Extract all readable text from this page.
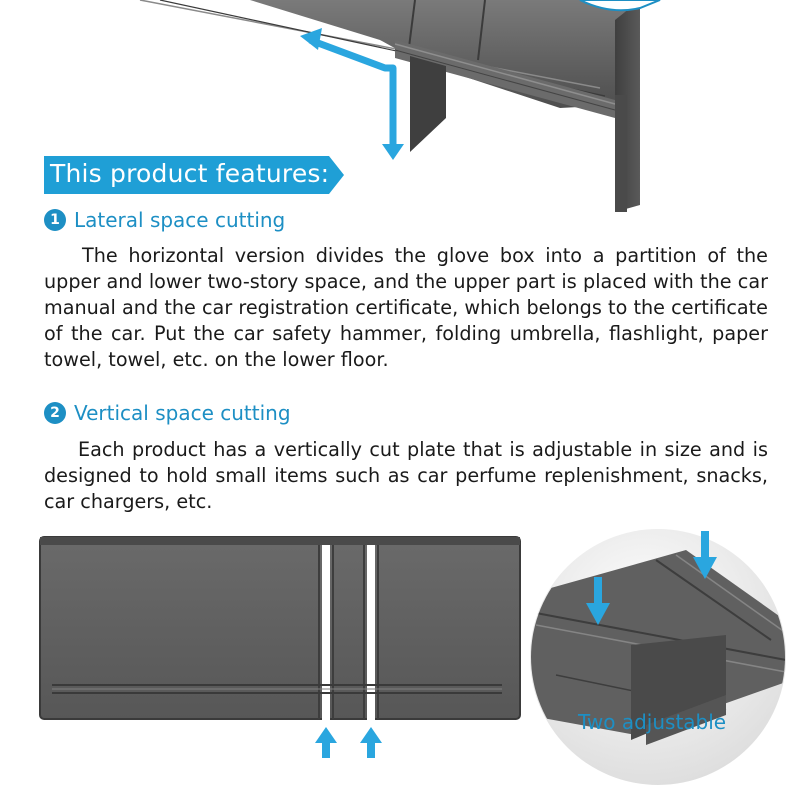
This product features:
1 Lateral space cutting
The horizontal version divides the glove box into a partition of the upper and lower two-story space, and the upper part is placed with the car manual and the car registration certificate, which belongs to the certificate of the car. Put the car safety hammer, folding umbrella, flashlight, paper towel, towel, etc. on the lower floor.
2 Vertical space cutting
Each product has a vertically cut plate that is adjustable in size and is designed to hold small items such as car perfume replenishment, snacks, car chargers, etc.
Two adjustable
